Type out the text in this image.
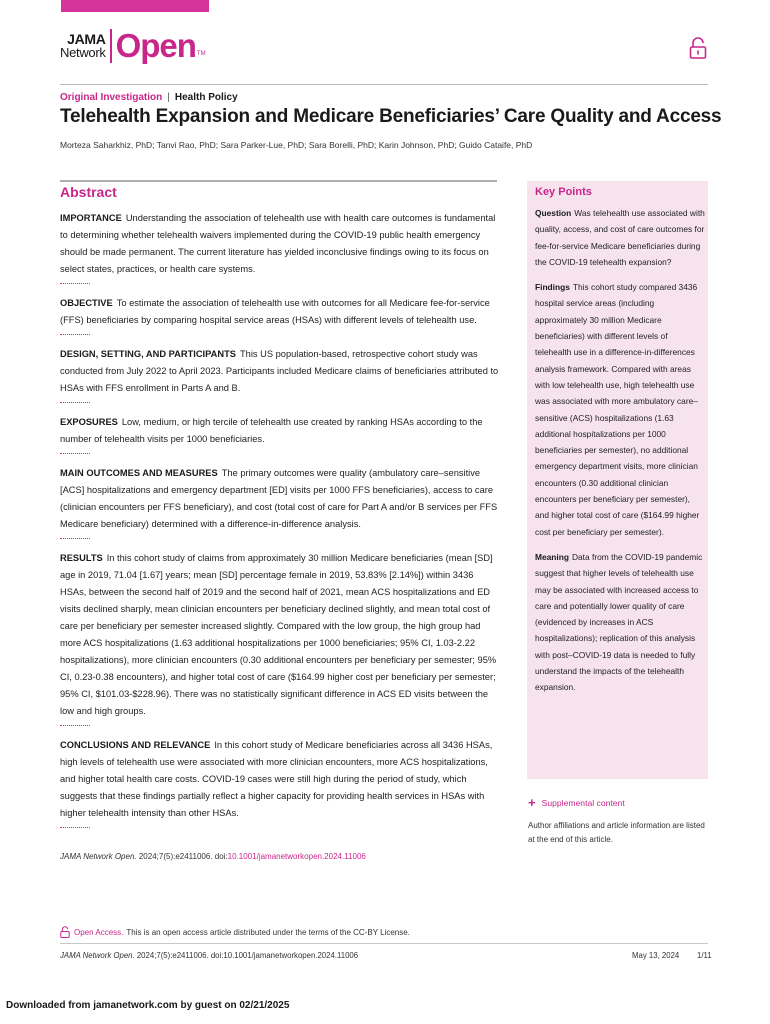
JAMA
Network Open TM
Original Investigation | Health Policy
Telehealth Expansion and Medicare Beneficiaries’ Care Quality and Access
Morteza Saharkhiz, PhD; Tanvi Rao, PhD; Sara Parker-Lue, PhD; Sara Borelli, PhD; Karin Johnson, PhD; Guido Cataife, PhD
Abstract

IMPORTANCE Understanding the association of telehealth use with health care outcomes is fundamental to determining whether telehealth waivers implemented during the COVID-19 public health emergency should be made permanent. The current literature has yielded inconclusive findings owing to its focus on select states, practices, or health care systems.

OBJECTIVE To estimate the association of telehealth use with outcomes for all Medicare fee-for-service (FFS) beneficiaries by comparing hospital service areas (HSAs) with different levels of telehealth use.

DESIGN, SETTING, AND PARTICIPANTS This US population-based, retrospective cohort study was conducted from July 2022 to April 2023. Participants included Medicare claims of beneficiaries attributed to HSAs with FFS enrollment in Parts A and B.

EXPOSURES Low, medium, or high tercile of telehealth use created by ranking HSAs according to the number of telehealth visits per 1000 beneficiaries.

MAIN OUTCOMES AND MEASURES The primary outcomes were quality (ambulatory care–sensitive [ACS] hospitalizations and emergency department [ED] visits per 1000 FFS beneficiaries), access to care (clinician encounters per FFS beneficiary), and cost (total cost of care for Part A and/or B services per FFS Medicare beneficiary) determined with a difference-in-difference analysis.

RESULTS In this cohort study of claims from approximately 30 million Medicare beneficiaries (mean [SD] age in 2019, 71.04 [1.67] years; mean [SD] percentage female in 2019, 53.83% [2.14%]) within 3436 HSAs, between the second half of 2019 and the second half of 2021, mean ACS hospitalizations and ED visits declined sharply, mean clinician encounters per beneficiary declined slightly, and mean total cost of care per beneficiary per semester increased slightly. Compared with the low group, the high group had more ACS hospitalizations (1.63 additional hospitalizations per 1000 beneficiaries; 95% CI, 1.03-2.22 hospitalizations), more clinician encounters (0.30 additional encounters per beneficiary per semester; 95% CI, 0.23-0.38 encounters), and higher total cost of care ($164.99 higher cost per beneficiary per semester; 95% CI, $101.03-$228.96). There was no statistically significant difference in ACS ED visits between the low and high groups.

CONCLUSIONS AND RELEVANCE In this cohort study of Medicare beneficiaries across all 3436 HSAs, high levels of telehealth use were associated with more clinician encounters, more ACS hospitalizations, and higher total health care costs. COVID-19 cases were still high during the period of study, which suggests that these findings partially reflect a higher capacity for providing health services in HSAs with higher telehealth intensity than other HSAs.

JAMA Network Open. 2024;7(5):e2411006. doi:10.1001/jamanetworkopen.2024.11006
Key Points

Question Was telehealth use associated with quality, access, and cost of care outcomes for fee-for-service Medicare beneficiaries during the COVID-19 telehealth expansion?

Findings This cohort study compared 3436 hospital service areas (including approximately 30 million Medicare beneficiaries) with different levels of telehealth use in a difference-in-differences analysis framework. Compared with areas with low telehealth use, high telehealth use was associated with more ambulatory care–sensitive (ACS) hospitalizations (1.63 additional hospitalizations per 1000 beneficiaries per semester), no additional emergency department visits, more clinician encounters (0.30 additional clinician encounters per beneficiary per semester), and higher total cost of care ($164.99 higher cost per beneficiary per semester).

Meaning Data from the COVID-19 pandemic suggest that higher levels of telehealth use may be associated with increased access to care and potentially lower quality of care (evidenced by increases in ACS hospitalizations); replication of this analysis with post–COVID-19 data is needed to fully understand the impacts of the telehealth expansion.

+ Supplemental content
Author affiliations and article information are listed at the end of this article.
Open Access. This is an open access article distributed under the terms of the CC-BY License.
JAMA Network Open. 2024;7(5):e2411006. doi:10.1001/jamanetworkopen.2024.11006	May 13, 2024 1/11
Downloaded from jamanetwork.com by guest on 02/21/2025
